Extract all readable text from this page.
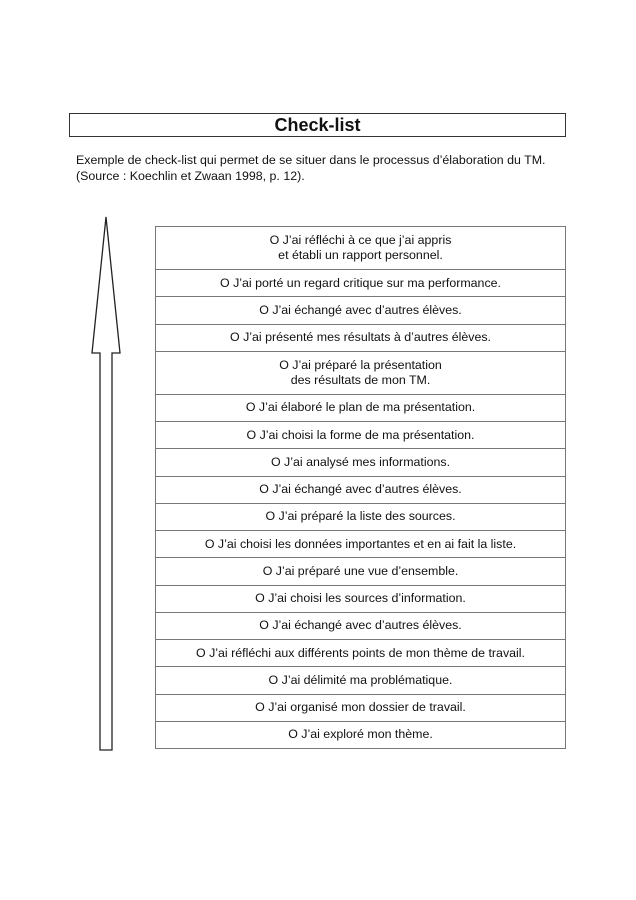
Check-list

Exemple de check-list qui permet de se situer dans le processus d’élaboration du TM.

(Source : Koechlin et Zwaan 1998, p. 12).

O J’ai réfléchi à ce que j’ai appris
et établi un rapport personnel.
O J’ai porté un regard critique sur ma performance.
O J’ai échangé avec d’autres élèves.
O J’ai présenté mes résultats à d’autres élèves.
O J’ai préparé la présentation
des résultats de mon TM.
O J’ai élaboré le plan de ma présentation.
O J’ai choisi la forme de ma présentation.
O J’ai analysé mes informations.
O J’ai échangé avec d’autres élèves.
O J’ai préparé la liste des sources.
O J’ai choisi les données importantes et en ai fait la liste.
O J’ai préparé une vue d’ensemble.
O J’ai choisi les sources d’information.
O J’ai échangé avec d’autres élèves.
O J’ai réfléchi aux différents points de mon thème de travail.
O J’ai délimité ma problématique.
O J’ai organisé mon dossier de travail.
O J’ai exploré mon thème.
